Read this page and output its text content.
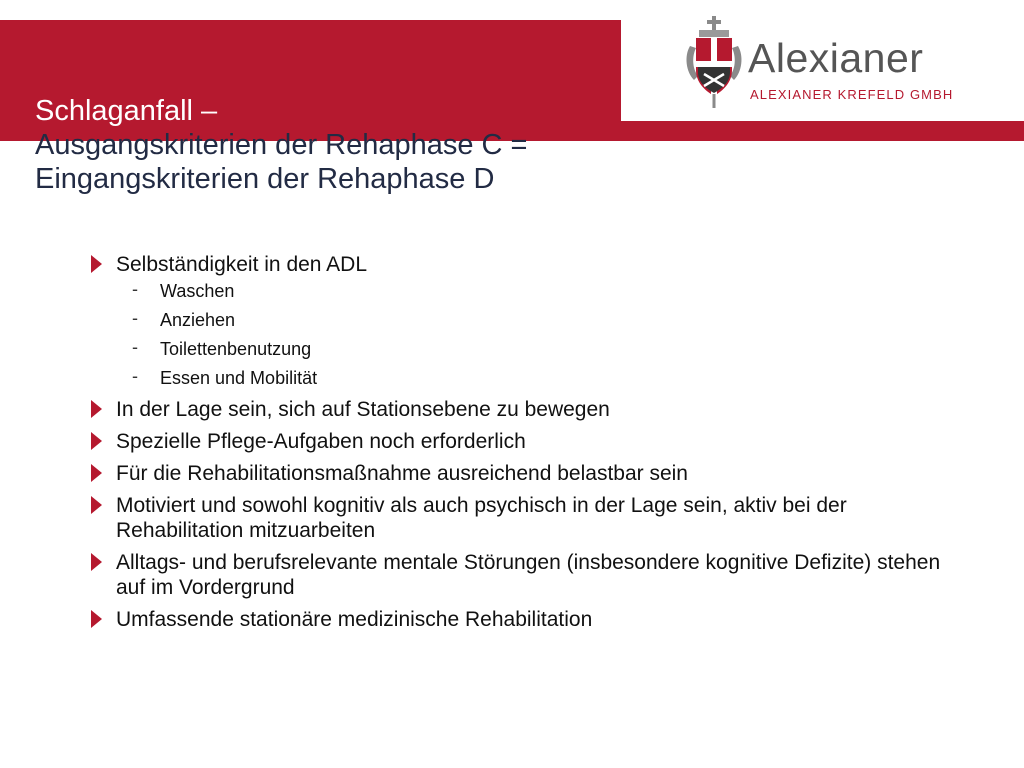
Alexianer
ALEXIANER KREFELD GMBH
Schlaganfall –
Ausgangskriterien der Rehaphase C =
Eingangskriterien der Rehaphase D
Selbständigkeit in den ADL
- Waschen
- Anziehen
- Toilettenbenutzung
- Essen und Mobilität
In der Lage sein, sich auf Stationsebene zu bewegen
Spezielle Pflege-Aufgaben noch erforderlich
Für die Rehabilitationsmaßnahme ausreichend belastbar sein
Motiviert und sowohl kognitiv als auch psychisch in der Lage sein, aktiv bei der Rehabilitation mitzuarbeiten
Alltags- und berufsrelevante mentale Störungen (insbesondere kognitive Defizite) stehen auf im Vordergrund
Umfassende stationäre medizinische Rehabilitation
